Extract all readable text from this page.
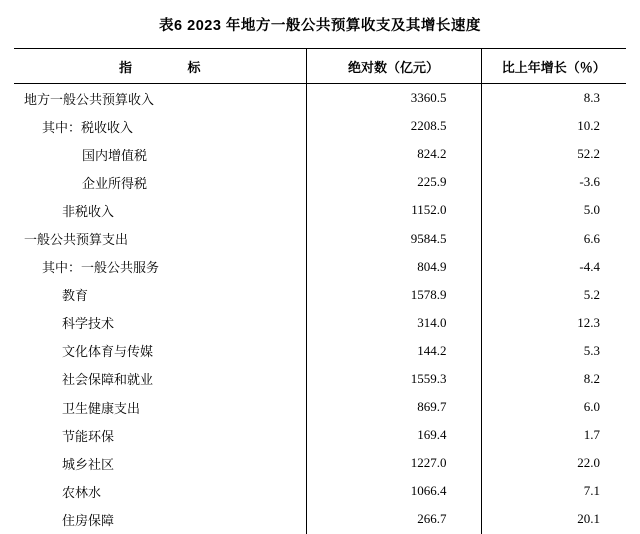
表6 2023 年地方一般公共预算收支及其增长速度
指 标	绝对数（亿元）	比上年增长（％）
地方一般公共预算收入	3360.5	8.3
其中：税收收入	2208.5	10.2
国内增值税	824.2	52.2
企业所得税	225.9	-3.6
非税收入	1152.0	5.0
一般公共预算支出	9584.5	6.6
其中：一般公共服务	804.9	-4.4
教育	1578.9	5.2
科学技术	314.0	12.3
文化体育与传媒	144.2	5.3
社会保障和就业	1559.3	8.2
卫生健康支出	869.7	6.0
节能环保	169.4	1.7
城乡社区	1227.0	22.0
农林水	1066.4	7.1
住房保障	266.7	20.1
